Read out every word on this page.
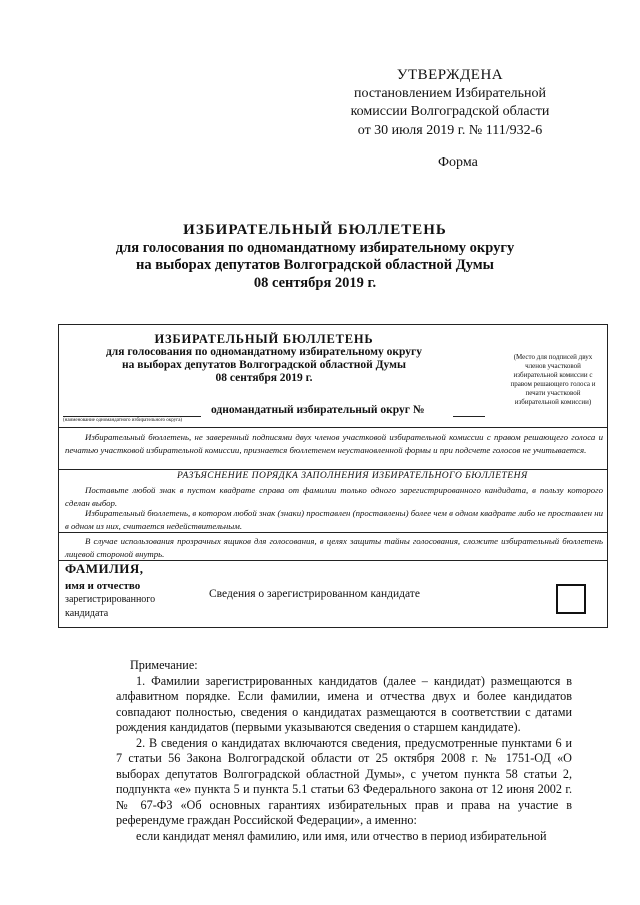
УТВЕРЖДЕНА
постановлением Избирательной
комиссии Волгоградской области
от 30 июля 2019 г. № 111/932-6
Форма
ИЗБИРАТЕЛЬНЫЙ БЮЛЛЕТЕНЬ
для голосования по одномандатному избирательному округу
на выборах депутатов Волгоградской областной Думы
08 сентября 2019 г.
ИЗБИРАТЕЛЬНЫЙ БЮЛЛЕТЕНЬ
для голосования по одномандатному избирательному округу
на выборах депутатов Волгоградской областной Думы
08 сентября 2019 г.
(Место для подписей двух членов участковой избирательной комиссии с правом решающего голоса и печати участковой избирательной комиссии)
(наименование одномандатного избирательного округа)
одномандатный избирательный округ №
Избирательный бюллетень, не заверенный подписями двух членов участковой избирательной комиссии с правом решающего голоса и печатью участковой избирательной комиссии, признается бюллетенем неустановленной формы и при подсчете голосов не учитывается.
РАЗЪЯСНЕНИЕ ПОРЯДКА ЗАПОЛНЕНИЯ ИЗБИРАТЕЛЬНОГО БЮЛЛЕТЕНЯ
Поставьте любой знак в пустом квадрате справа от фамилии только одного зарегистрированного кандидата, в пользу которого сделан выбор.
Избирательный бюллетень, в котором любой знак (знаки) проставлен (проставлены) более чем в одном квадрате либо не проставлен ни в одном из них, считается недействительным.
В случае использования прозрачных ящиков для голосования, в целях защиты тайны голосования, сложите избирательный бюллетень лицевой стороной внутрь.
ФАМИЛИЯ,
имя и отчество
зарегистрированного
кандидата
Сведения о зарегистрированном кандидате

Примечание:

1. Фамилии зарегистрированных кандидатов (далее – кандидат) размещаются в алфавитном порядке. Если фамилии, имена и отчества двух и более кандидатов совпадают полностью, сведения о кандидатах размещаются в соответствии с датами рождения кандидатов (первыми указываются сведения о старшем кандидате).

2. В сведения о кандидатах включаются сведения, предусмотренные пунктами 6 и 7 статьи 56 Закона Волгоградской области от 25 октября 2008 г. № 1751-ОД «О выборах депутатов Волгоградской областной Думы», с учетом пункта 58 статьи 2, подпункта «е» пункта 5 и пункта 5.1 статьи 63 Федерального закона от 12 июня 2002 г. № 67-ФЗ «Об основных гарантиях избирательных прав и права на участие в референдуме граждан Российской Федерации», а именно:

если кандидат менял фамилию, или имя, или отчество в период избирательной
